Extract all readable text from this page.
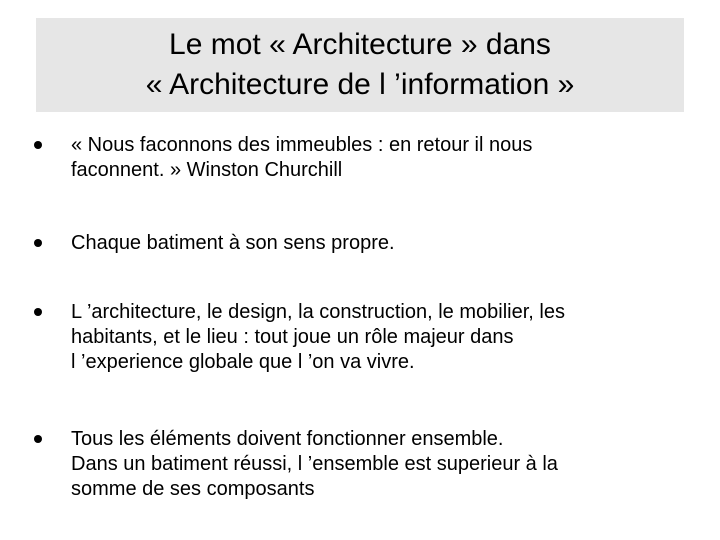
Le mot « Architecture » dans
« Architecture de l ’information »
« Nous faconnons des immeubles : en retour il nous
faconnent. » Winston Churchill
Chaque batiment à son sens propre.
L ’architecture, le design, la construction, le mobilier, les
habitants, et le lieu : tout joue un rôle majeur dans
l ’experience globale que l ’on va vivre.
Tous les éléments doivent fonctionner ensemble.
Dans un batiment réussi, l ’ensemble est superieur à la
somme de ses composants
